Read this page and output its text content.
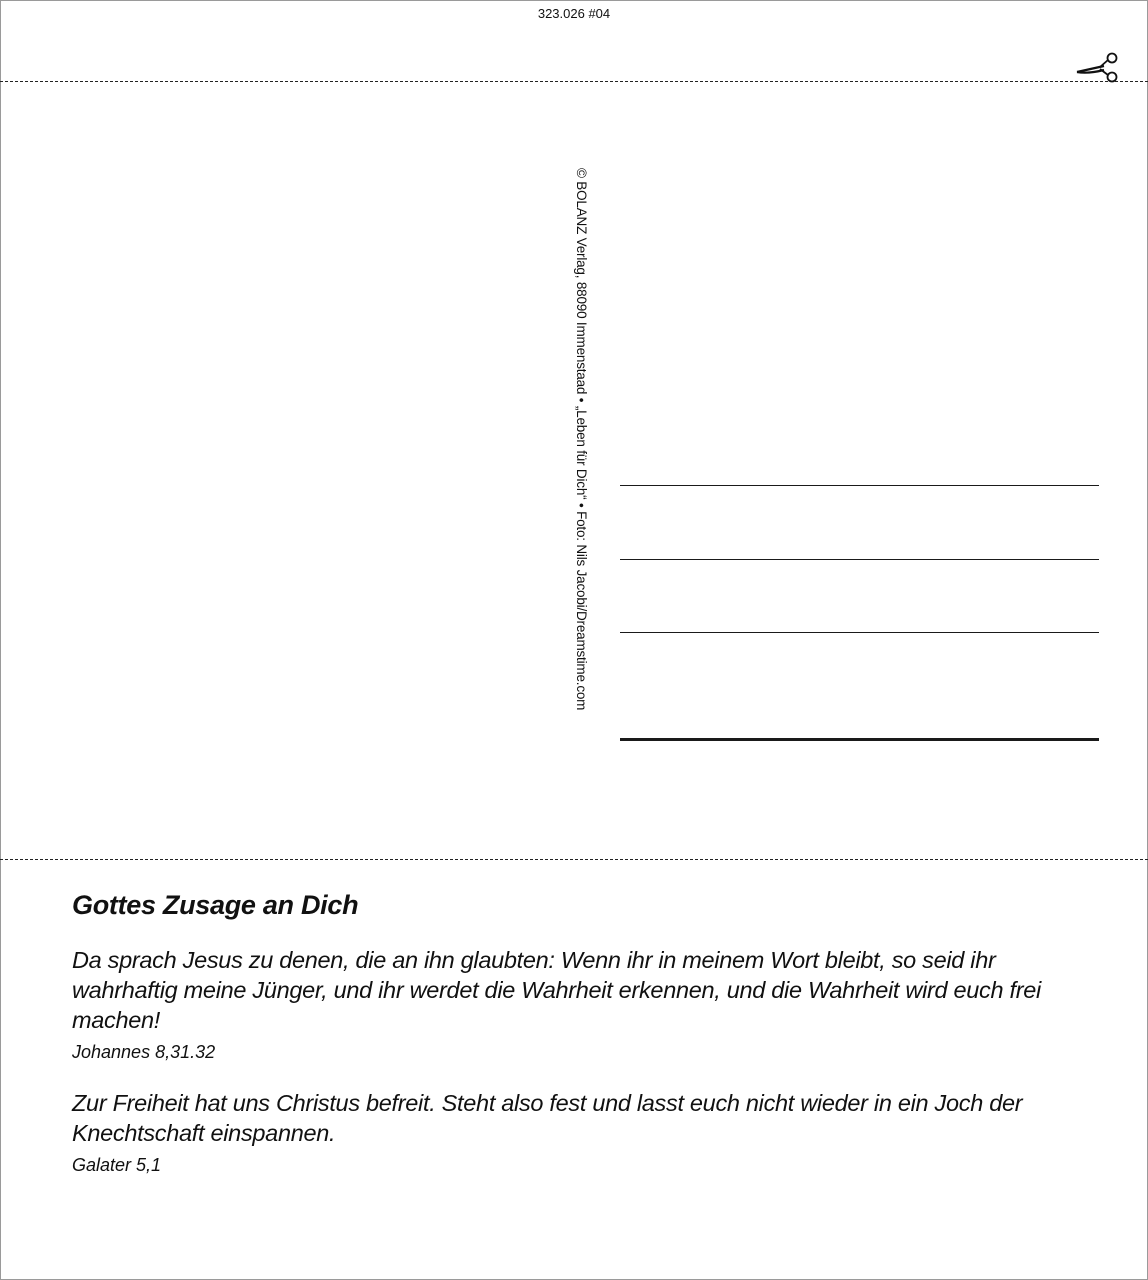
323.026 #04
© BOLANZ Verlag, 88090 Immenstaad • „Leben für Dich“ • Foto: Nils Jacobi/Dreamstime.com
Gottes Zusage an Dich
Da sprach Jesus zu denen, die an ihn glaubten: Wenn ihr in meinem Wort bleibt, so seid ihr wahrhaftig meine Jünger, und ihr werdet die Wahrheit erkennen, und die Wahrheit wird euch frei machen!
Johannes 8,31.32
Zur Freiheit hat uns Christus befreit. Steht also fest und lasst euch nicht wieder in ein Joch der Knechtschaft einspannen.
Galater 5,1
